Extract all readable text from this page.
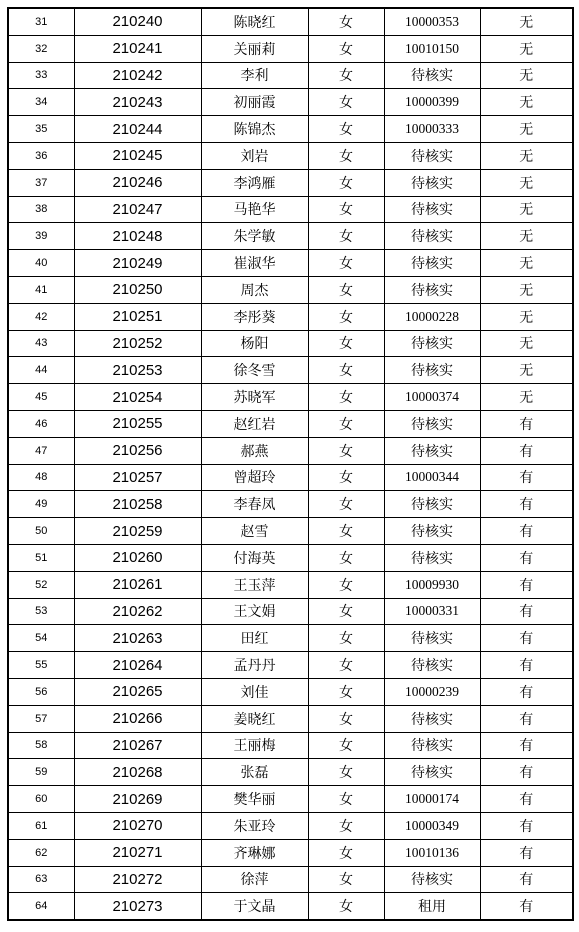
31	210240	陈晓红	女	10000353	无
32	210241	关丽莉	女	10010150	无
33	210242	李利	女	待核实	无
34	210243	初丽霞	女	10000399	无
35	210244	陈锦杰	女	10000333	无
36	210245	刘岩	女	待核实	无
37	210246	李鸿雁	女	待核实	无
38	210247	马艳华	女	待核实	无
39	210248	朱学敏	女	待核实	无
40	210249	崔淑华	女	待核实	无
41	210250	周杰	女	待核实	无
42	210251	李彤葵	女	10000228	无
43	210252	杨阳	女	待核实	无
44	210253	徐冬雪	女	待核实	无
45	210254	苏晓军	女	10000374	无
46	210255	赵红岩	女	待核实	有
47	210256	郝燕	女	待核实	有
48	210257	曾超玲	女	10000344	有
49	210258	李春凤	女	待核实	有
50	210259	赵雪	女	待核实	有
51	210260	付海英	女	待核实	有
52	210261	王玉萍	女	10009930	有
53	210262	王文娟	女	10000331	有
54	210263	田红	女	待核实	有
55	210264	孟丹丹	女	待核实	有
56	210265	刘佳	女	10000239	有
57	210266	姜晓红	女	待核实	有
58	210267	王丽梅	女	待核实	有
59	210268	张磊	女	待核实	有
60	210269	樊华丽	女	10000174	有
61	210270	朱亚玲	女	10000349	有
62	210271	齐琳娜	女	10010136	有
63	210272	徐萍	女	待核实	有
64	210273	于文晶	女	租用	有
